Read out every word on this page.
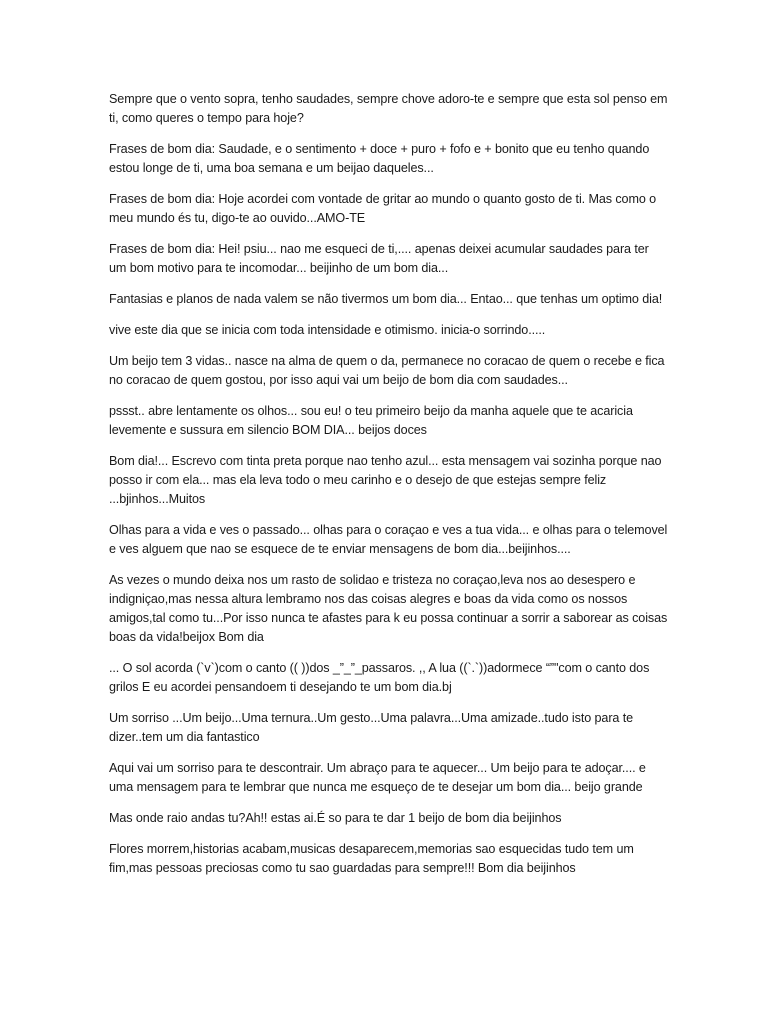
Sempre que o vento sopra, tenho saudades, sempre chove adoro-te e sempre que esta sol penso em ti, como queres o tempo para hoje?

Frases de bom dia: Saudade, e o sentimento + doce + puro + fofo e + bonito que eu tenho quando estou longe de ti, uma boa semana e um beijao daqueles...

Frases de bom dia: Hoje acordei com vontade de gritar ao mundo o quanto gosto de ti. Mas como o meu mundo és tu, digo-te ao ouvido...AMO-TE

Frases de bom dia: Hei! psiu... nao me esqueci de ti,.... apenas deixei acumular saudades para ter um bom motivo para te incomodar... beijinho de um bom dia...

Fantasias e planos de nada valem se não tivermos um bom dia... Entao... que tenhas um optimo dia!

vive este dia que se inicia com toda intensidade e otimismo. inicia-o sorrindo.....

Um beijo tem 3 vidas.. nasce na alma de quem o da, permanece no coracao de quem o recebe e fica no coracao de quem gostou, por isso aqui vai um beijo de bom dia com saudades...

pssst.. abre lentamente os olhos... sou eu! o teu primeiro beijo da manha aquele que te acaricia levemente e sussura em silencio BOM DIA... beijos doces

Bom dia!... Escrevo com tinta preta porque nao tenho azul... esta mensagem vai sozinha porque nao posso ir com ela... mas ela leva todo o meu carinho e o desejo de que estejas sempre feliz ...bjinhos...Muitos

Olhas para a vida e ves o passado... olhas para o coraçao e ves a tua vida... e olhas para o telemovel e ves alguem que nao se esquece de te enviar mensagens de bom dia...beijinhos....

As vezes o mundo deixa nos um rasto de solidao e tristeza no coraçao,leva nos ao desespero e indigniçao,mas nessa altura lembramo nos das coisas alegres e boas da vida como os nossos amigos,tal como tu...Por isso nunca te afastes para k eu possa continuar a sorrir a saborear as coisas boas da vida!beijox Bom dia

... O sol acorda (`v`)com o canto (( ))dos _”_”_passaros. ,, A lua ((`.`))adormece “”"com o canto dos grilos E eu acordei pensandoem ti desejando te um bom dia.bj

Um sorriso ...Um beijo...Uma ternura..Um gesto...Uma palavra...Uma amizade..tudo isto para te dizer..tem um dia fantastico

Aqui vai um sorriso para te descontrair. Um abraço para te aquecer... Um beijo para te adoçar.... e uma mensagem para te lembrar que nunca me esqueço de te desejar um bom dia... beijo grande

Mas onde raio andas tu?Ah!! estas ai.É so para te dar 1 beijo de bom dia beijinhos

Flores morrem,historias acabam,musicas desaparecem,memorias sao esquecidas tudo tem um fim,mas pessoas preciosas como tu sao guardadas para sempre!!! Bom dia beijinhos
